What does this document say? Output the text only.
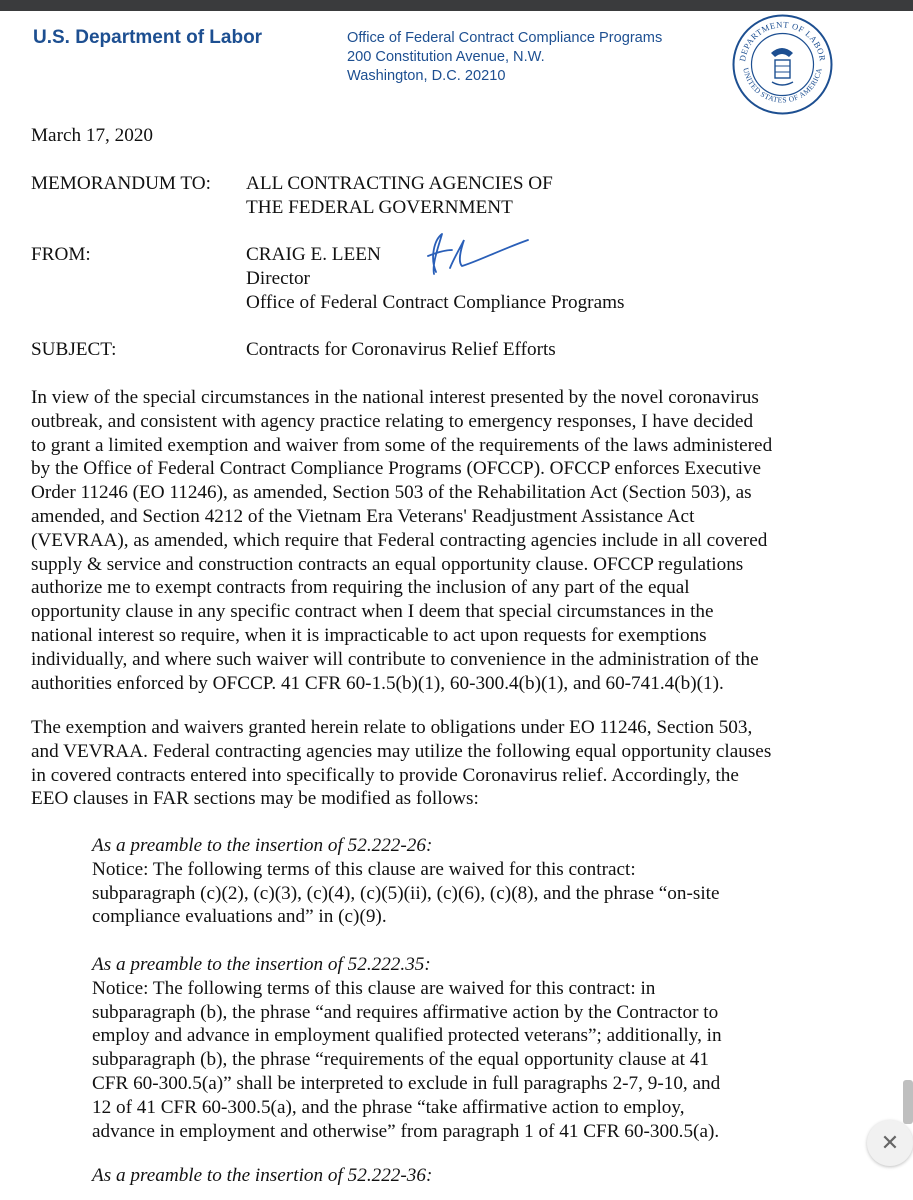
U.S. Department of Labor	Office of Federal Contract Compliance Programs
200 Constitution Avenue, N.W.
Washington, D.C. 20210
DEPARTMENT OF LABOR
UNITED STATES OF AMERICA
March 17, 2020
MEMORANDUM TO: ALL CONTRACTING AGENCIES OF
THE FEDERAL GOVERNMENT
FROM:	CRAIG E. LEEN
Director
Office of Federal Contract Compliance Programs
SUBJECT:	Contracts for Coronavirus Relief Efforts
In view of the special circumstances in the national interest presented by the novel coronavirus
outbreak, and consistent with agency practice relating to emergency responses, I have decided
to grant a limited exemption and waiver from some of the requirements of the laws administered
by the Office of Federal Contract Compliance Programs (OFCCP). OFCCP enforces Executive
Order 11246 (EO 11246), as amended, Section 503 of the Rehabilitation Act (Section 503), as
amended, and Section 4212 of the Vietnam Era Veterans' Readjustment Assistance Act
(VEVRAA), as amended, which require that Federal contracting agencies include in all covered
supply & service and construction contracts an equal opportunity clause. OFCCP regulations
authorize me to exempt contracts from requiring the inclusion of any part of the equal
opportunity clause in any specific contract when I deem that special circumstances in the
national interest so require, when it is impracticable to act upon requests for exemptions
individually, and where such waiver will contribute to convenience in the administration of the
authorities enforced by OFCCP. 41 CFR 60-1.5(b)(1), 60-300.4(b)(1), and 60-741.4(b)(1).
The exemption and waivers granted herein relate to obligations under EO 11246, Section 503,
and VEVRAA. Federal contracting agencies may utilize the following equal opportunity clauses
in covered contracts entered into specifically to provide Coronavirus relief. Accordingly, the
EEO clauses in FAR sections may be modified as follows:
As a preamble to the insertion of 52.222-26:
Notice: The following terms of this clause are waived for this contract:
subparagraph (c)(2), (c)(3), (c)(4), (c)(5)(ii), (c)(6), (c)(8), and the phrase “on-site
compliance evaluations and” in (c)(9).
As a preamble to the insertion of 52.222.35:
Notice: The following terms of this clause are waived for this contract: in
subparagraph (b), the phrase “and requires affirmative action by the Contractor to
employ and advance in employment qualified protected veterans”; additionally, in
subparagraph (b), the phrase “requirements of the equal opportunity clause at 41
CFR 60-300.5(a)” shall be interpreted to exclude in full paragraphs 2-7, 9-10, and
12 of 41 CFR 60-300.5(a), and the phrase “take affirmative action to employ,
advance in employment and otherwise” from paragraph 1 of 41 CFR 60-300.5(a).
As a preamble to the insertion of 52.222-36:
✕
